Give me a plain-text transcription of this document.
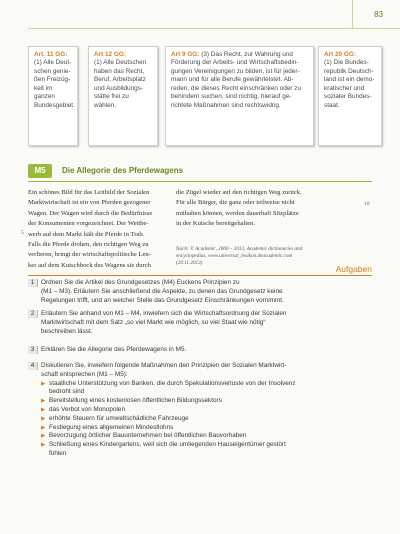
83
Art. 11 GG:
(1) Alle Deut-
schen genie-
ßen Freizüg-
keit im ganzen
Bundesgebiet.
Art 12 GG:
(1) Alle Deutschen
haben das Recht,
Beruf, Arbeitsplatz
und Ausbildungs-
stätte frei zu
wählen.
Art 9 GG: (3) Das Recht, zur Wahrung und
Förderung der Arbeits- und Wirtschaftsbedin-
gungen Vereinigungen zu bilden, ist für jeder-
mann und für alle Berufe gewährleistet. Ab-
reden, die dieses Recht einschränken oder zu
behindern suchen, sind nichtig, hierauf ge-
richtete Maßnahmen sind rechtswidrig.
Art 20 GG:
(1) Die Bundes-
republik Deutsch-
land ist ein demo-
kratischer und
sozialer Bundes-
staat.
M5	Die Allegorie des Pferdewagens
Ein schönes Bild für das Leitbild der Sozialen
Marktwirtschaft ist ein von Pferden gezogener
Wagen. Der Wagen wird durch die Bedürfnisse
der Konsumenten vorgezeichnet. Der Wettbe-
werb auf dem Markt hält die Pferde in Trab.
Falls die Pferde drohen, den richtigen Weg zu
verlieren, bringt der wirtschaftspolitische Len-
ker auf dem Kutschbock des Wagens sie durch
5
die Zügel wieder auf den richtigen Weg zurück.
Für alle Bürger, die ganz oder teilweise nicht
mithalten können, werden dauerhaft Sitzplätze
in der Kutsche bereitgehalten.
10
Nach: © Academic, 2000 – 2013, Academic dictionaries and
encyclopedias, www.universal_lexikon.deacademic.com
(20.11.2013)
Aufgaben
1	Ordnen Sie die Artikel des Grundgesetzes (M4) Euckens Prinzipien zu
(M1 – M3). Erläutern Sie anschließend die Aspekte, zu denen das Grundgesetz keine
Regelungen trifft, und an welcher Stelle das Grundgesetz Einschränkungen vornimmt.
2	Erläutern Sie anhand von M1 – M4, inwiefern sich die Wirtschaftsordnung der Sozialen
Marktwirtschaft mit dem Satz „so viel Markt wie möglich, so viel Staat wie nötig“
beschreiben lässt.
3	Erklären Sie die Allegorie des Pferdewagens in M5.
4	Diskutieren Sie, inwiefern folgende Maßnahmen den Prinzipien der Sozialen Marktwirt-
schaft entsprechen (M1 – M5):
▶ staatliche Unterstützung von Banken, die durch Spekulationsverluste von der Insolvenz
bedroht sind
▶ Bereitstellung eines kostenlosen öffentlichen Bildungssektors
▶ das Verbot von Monopolen
▶ erhöhte Steuern für umweltschädliche Fahrzeuge
▶ Festlegung eines allgemeinen Mindestlohns
▶ Bevorzugung örtlicher Bauunternehmen bei öffentlichen Bauvorhaben
▶ Schließung eines Kindergartens, weil sich die umliegenden Hauseigentümer gestört
fühlen
